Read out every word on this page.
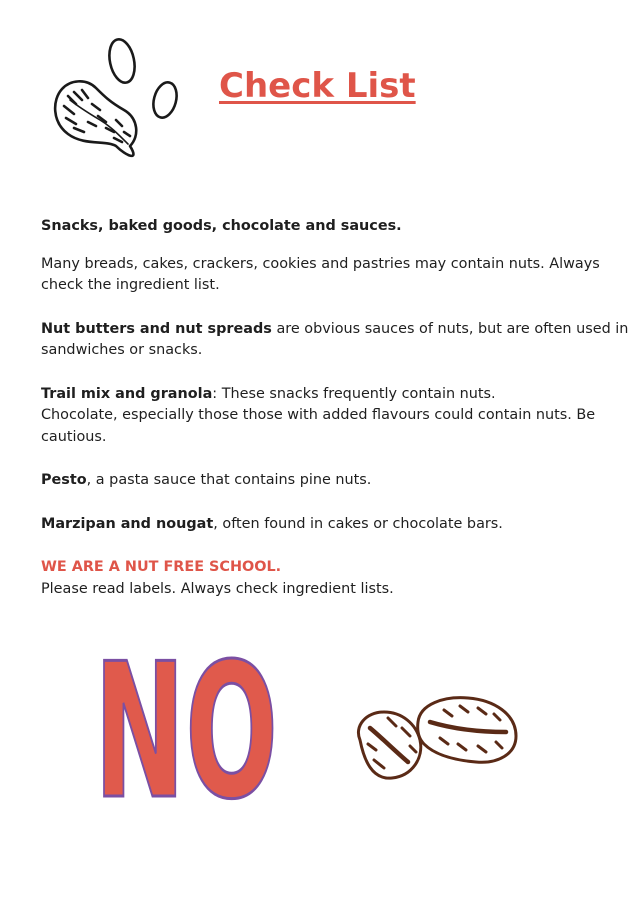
Check List

Snacks, baked goods, chocolate and sauces.

Many breads, cakes, crackers, cookies and pastries may contain nuts. Always check the ingredient list.

Nut butters and nut spreads are obvious sauces of nuts, but are often used in sandwiches or snacks.

Trail mix and granola: These snacks frequently contain nuts.
Chocolate, especially those those with added flavours could contain nuts. Be cautious.

Pesto, a pasta sauce that contains pine nuts.

Marzipan and nougat, often found in cakes or chocolate bars.

WE ARE A NUT FREE SCHOOL.
Please read labels. Always check ingredient lists.

NO
